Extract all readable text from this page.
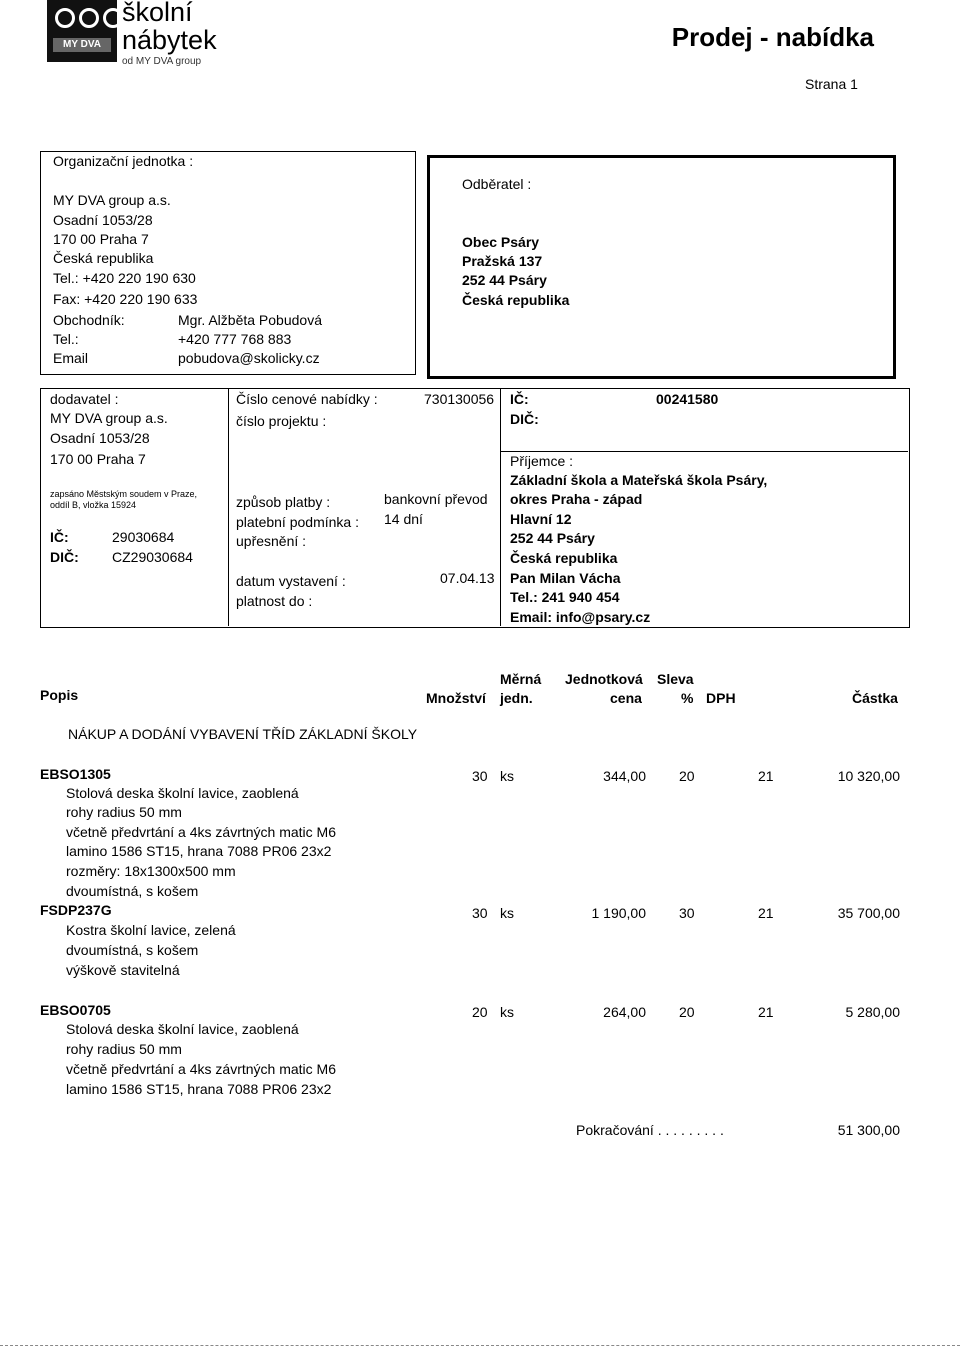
MY DVA
školní
nábytek
od MY DVA group
Prodej - nabídka
Strana 1
Organizační jednotka :
MY DVA group a.s.
Osadní 1053/28
170 00 Praha 7
Česká republika
Tel.: +420 220 190 630
Fax: +420 220 190 633
Obchodník:	Mgr. Alžběta Pobudová
Tel.:	+420 777 768 883
Email	pobudova@skolicky.cz
Odběratel :
Obec Psáry
Pražská 137
252 44 Psáry
Česká republika
dodavatel :
MY DVA group a.s.
Osadní 1053/28
170 00 Praha 7
zapsáno Městským soudem v Praze,
oddíl B, vložka 15924
IČ:	29030684
DIČ: CZ29030684
Číslo cenové nabídky :	730130056
číslo projektu :
způsob platby :	bankovní převod
platební podmínka : 14 dní
upřesnění :
datum vystavení :	07.04.13
platnost do :
IČ:	00241580
DIČ:
Příjemce :
Základní škola a Mateřská škola Psáry,
okres Praha - západ
Hlavní 12
252 44 Psáry
Česká republika
Pan Milan Vácha
Tel.: 241 940 454
Email: info@psary.cz
Popis	Množství
Měrná
jedn.
Jednotková
cena
Sleva
% DPH	Částka
NÁKUP A DODÁNÍ VYBAVENÍ TŘÍD ZÁKLADNÍ ŠKOLY
EBSO1305	30 ks	344,00 20	21	10 320,00
Stolová deska školní lavice, zaoblená
rohy radius 50 mm
včetně předvrtání a 4ks závrtných matic M6
lamino 1586 ST15, hrana 7088 PR06 23x2
rozměry: 18x1300x500 mm
dvoumístná, s košem
FSDP237G	30 ks	1 190,00 30	21	35 700,00
Kostra školní lavice, zelená
dvoumístná, s košem
výškově stavitelná
EBSO0705	20 ks	264,00 20	21	5 280,00
Stolová deska školní lavice, zaoblená
rohy radius 50 mm
včetně předvrtání a 4ks závrtných matic M6
lamino 1586 ST15, hrana 7088 PR06 23x2
Pokračování . . . . . . . . .	51 300,00
